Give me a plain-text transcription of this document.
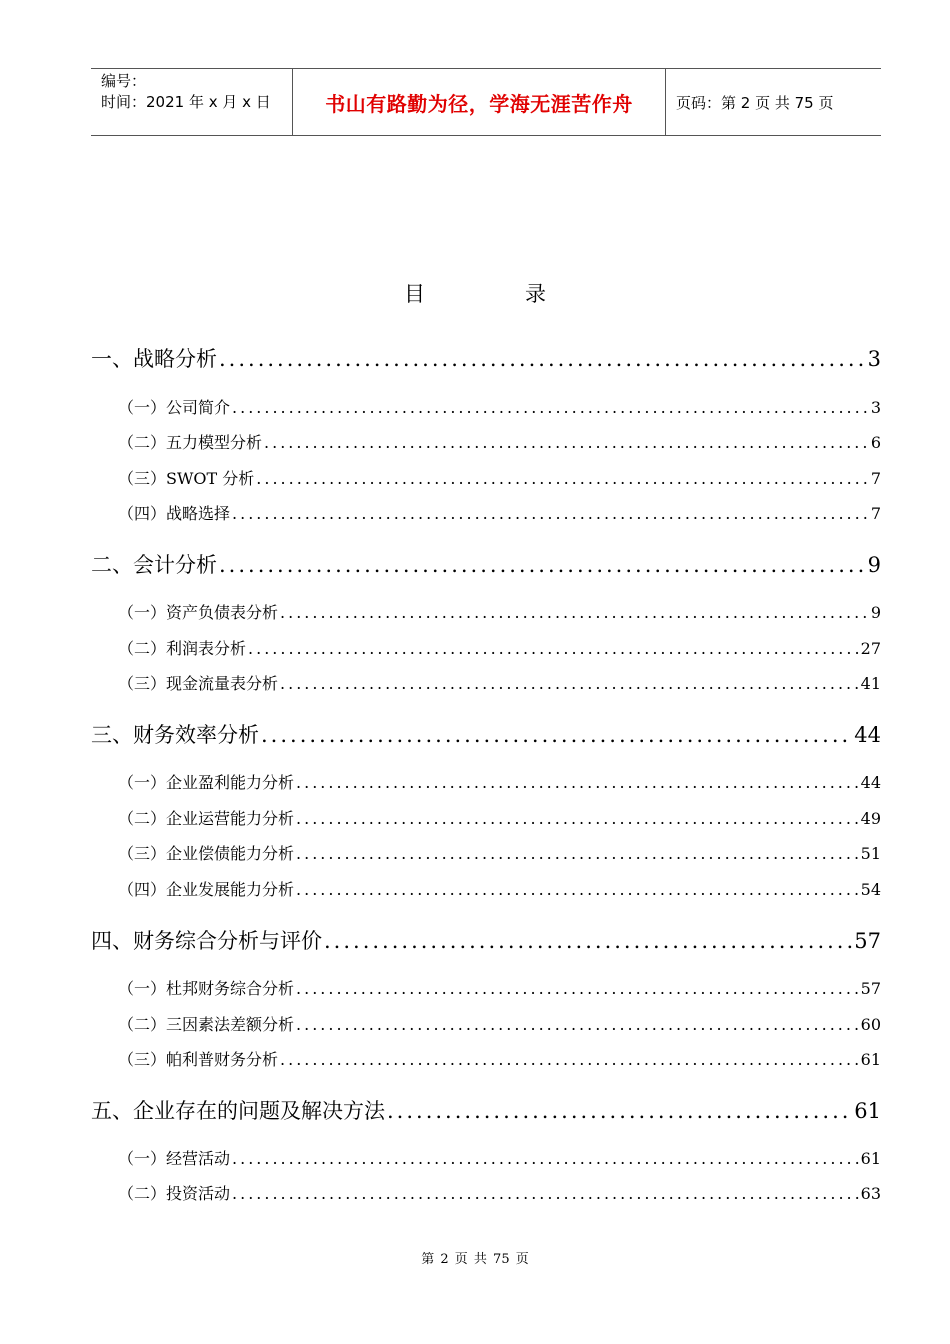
编号：
时间：2021 年 x 月 x 日	书山有路勤为径，学海无涯苦作舟	页码：第 2 页 共 75 页
目	录
一、战略分析 .....	3
（一）公司简介 .....	3
（二）五力模型分析 .....	6
（三）SWOT 分析 .....	7
（四）战略选择 .....	7
二、会计分析 .....	9
（一）资产负债表分析 .....	9
（二）利润表分析 .....	27
（三）现金流量表分析 .....	41
三、财务效率分析 .....	44
（一）企业盈利能力分析 .....	44
（二）企业运营能力分析 .....	49
（三）企业偿债能力分析 .....	51
（四）企业发展能力分析 .....	54
四、财务综合分析与评价 .....	57
（一）杜邦财务综合分析 .....	57
（二）三因素法差额分析 .....	60
（三）帕利普财务分析 .....	61
五、企业存在的问题及解决方法 .....	61
（一）经营活动 .....	61
（二）投资活动 .....	63
第 2 页 共 75 页
